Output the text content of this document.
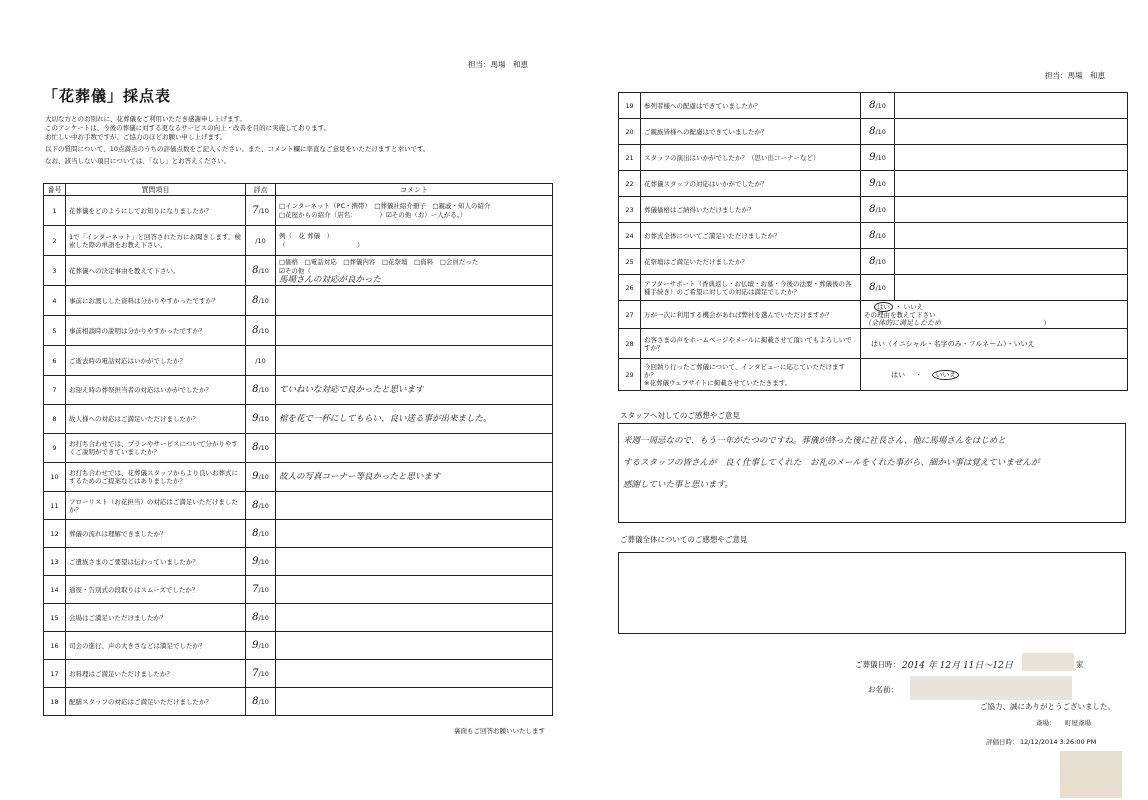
担当：馬場　和恵
「花葬儀」採点表
大切な方とのお別れに、花葬儀をご利用いただき感謝申し上げます。
このアンケートは、今後の葬儀に対する更なるサービスの向上・改善を目的に実施しております。
お忙しい中お手数ですが、ご協力のほどお願い申し上げます。
以下の質問について、10点満点のうちの評価点数をご記入ください。また、コメント欄に率直なご意見をいただけますと幸いです。
なお、該当しない項目については、「なし」とお答えください。
番号	質問項目	評点	コメント
1	花葬儀をどのようにしてお知りになりましたか？	7/10	□インターネット（PC・携帯）　□葬儀社紹介冊子　□親戚・知人の紹介
□花屋からの紹介（店名：　　　　）☑その他（お）ー人がる。）

2	1で「インターネット」と回答された方にお聞きします。検索した際の単語をお教え下さい。	/10	例（　花 葬儀　）
（　　　　　　　　　　　）

3	花葬儀への決定事由を教えて下さい。	8/10	□価格　□電話対応　□葬儀内容　□花祭壇　□資料　□会員だった
☑その他（
馬場さんの対応が良かった

4	事前にお渡しした資料は分かりやすかったですか？	8/10	
5	事前相談時の説明は分かりやすかったですか？	8/10	
6	ご逝去時の電話対応はいかがでしたか？	/10	
7	お迎え時の葬祭担当者の対応はいかがでしたか？	8/10	ていねいな対応で良かったと思います

8	故人様への対応はご満足いただけましたか？	9/10	棺を花で一杯にしてもらい、良い送る事が出来ました。

9	お打ち合わせでは、プランやサービスについて分かりやすくご説明ができていましたか？	8/10	
10	お打ち合わせでは、花葬儀スタッフからより良いお葬式にするためのご提案などはありましたか？	9/10	故人の写真コーナー等良かったと思います

11	フローリスト（お花担当）の対応はご満足いただけましたか？	8/10	
12	葬儀の流れは理解できましたか？	8/10	
13	ご遺族さまのご要望は伝わっていましたか？	9/10	
14	通夜・告別式の段取りはスムーズでしたか？	7/10	
15	会場はご満足いただけましたか？	8/10	
16	司会の進行、声の大きさなどは満足でしたか？	9/10	
17	お料理はご満足いただけましたか？	7/10	
18	配膳スタッフの対応はご満足いただけましたか？	8/10	
裏面もご回答お願いいたします
担当：馬場　和恵
19	参列者様への配慮はできていましたか？	8/10	
20	ご親族皆様への配慮はできていましたか？	8/10	
21	スタッフの演出はいかがでしたか？（思い出コーナーなど）	9/10	
22	花葬儀スタッフの対応はいかがでしたか？	9/10	
23	葬儀価格はご納得いただけましたか？	8/10	
24	お葬式全体についてご満足いただけましたか？	8/10	
25	花祭壇はご満足いただけましたか？	8/10	
26	アフターサポート（香典返し・お仏壇・お墓・今後の法要・葬儀後の各種手続き）のご希望に対しての対応は満足でしたか？	8/10	
27	万が一次に利用する機会があれば弊社を選んでいただけますか？	はい ・ いいえ
その理由を教えて下さい
（全体的に満足したため ）	

28	お客さまの声をホームページやメールに掲載させて頂いてもよろしいですか？	はい（イニシャル・名字のみ・フルネーム）・いいえ	
29	今回執り行ったご葬儀について、インタビューに応じていただけますか？
※花葬儀ウェブサイトに掲載させていただきます。	はい ・ いいえ	
スタッフへ対してのご感想やご意見
米週一周忌なので、もう一年がたつのですね。葬儀が終った後に社長さん、他に馬場さんをはじめと
するスタッフの皆さんが　良く仕事してくれた　お礼のメールをくれた事がら、細かい事は覚えていませんが
感謝していた事と思います。
ご葬儀全体についてのご感想やご意見
ご葬儀日時： 2014 年 12月 11日～12日	家
お名前：
ご協力、誠にありがとうございました。
斎場： 町屋斎場
評価日時： 12/12/2014 3:26:00 PM
